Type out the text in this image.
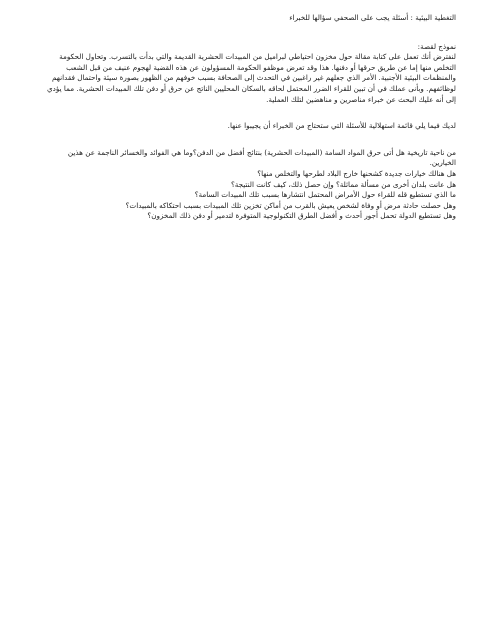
التغطية البيئية : أسئلة يجب على الصحفي سؤالها للخبراء

نموذج لقصة:

لنفترض أنك تعمل على كتابة مقالة حول مخزون احتياطي لبراميل من المبيدات الحشرية القديمة والتي بدأت بالتسرب. وتحاول الحكومة التخلص منها إما عن طريق حرقها أو دفنها. هذا وقد تعرض موظفو الحكومة المسؤولون عن هذه القضية لهجوم عنيف من قبل الشعب والمنظمات البيئية الأجنبية. الأمر الذي جعلهم غير راغبين في التحدث إلى الصحافة بسبب خوفهم من الظهور بصورة سيئة واحتمال فقدانهم لوظائفهم. وبأنى عملك في أن تبين للقراء الضرر المحتمل لحاقه بالسكان المحليين الناتج عن حرق أو دفن تلك المبيدات الحشرية. مما يؤدي إلى أنه عليك البحث عن خبراء مناصرين و مناهضين لتلك العملية.

لديك فيما يلي قائمة استهلالية للأسئلة التي ستحتاج من الخبراء أن يجيبوا عنها.

من ناحية تاريخية هل أتى حرق المواد السامة (المبيدات الحشرية) بنتائج أفضل من الدفن؟وما هي الفوائد والخسائر الناجمة عن هذين الخيارين.

هل هنالك خيارات جديدة كشحنها خارج البلاد لطرحها والتخلص منها؟
هل عانت بلدان أخرى من مسألة مماثلة؟ وإن حصل ذلك، كيف كانت النتيجة؟
ما الذي تستطيع قله للقراء حول الأمراض المحتمل انتشارها بسبب تلك المبيدات السامة؟
وهل حصلت حادثة مرض أو وفاة لشخص يعيش بالقرب من أماكن تخزين تلك المبيدات بسبب احتكاكه بالمبيدات؟
وهل تستطيع الدولة تحمل أجور أحدث و أفضل الطرق التكنولوجية المتوفرة لتدمير أو دفن ذلك المخزون؟
